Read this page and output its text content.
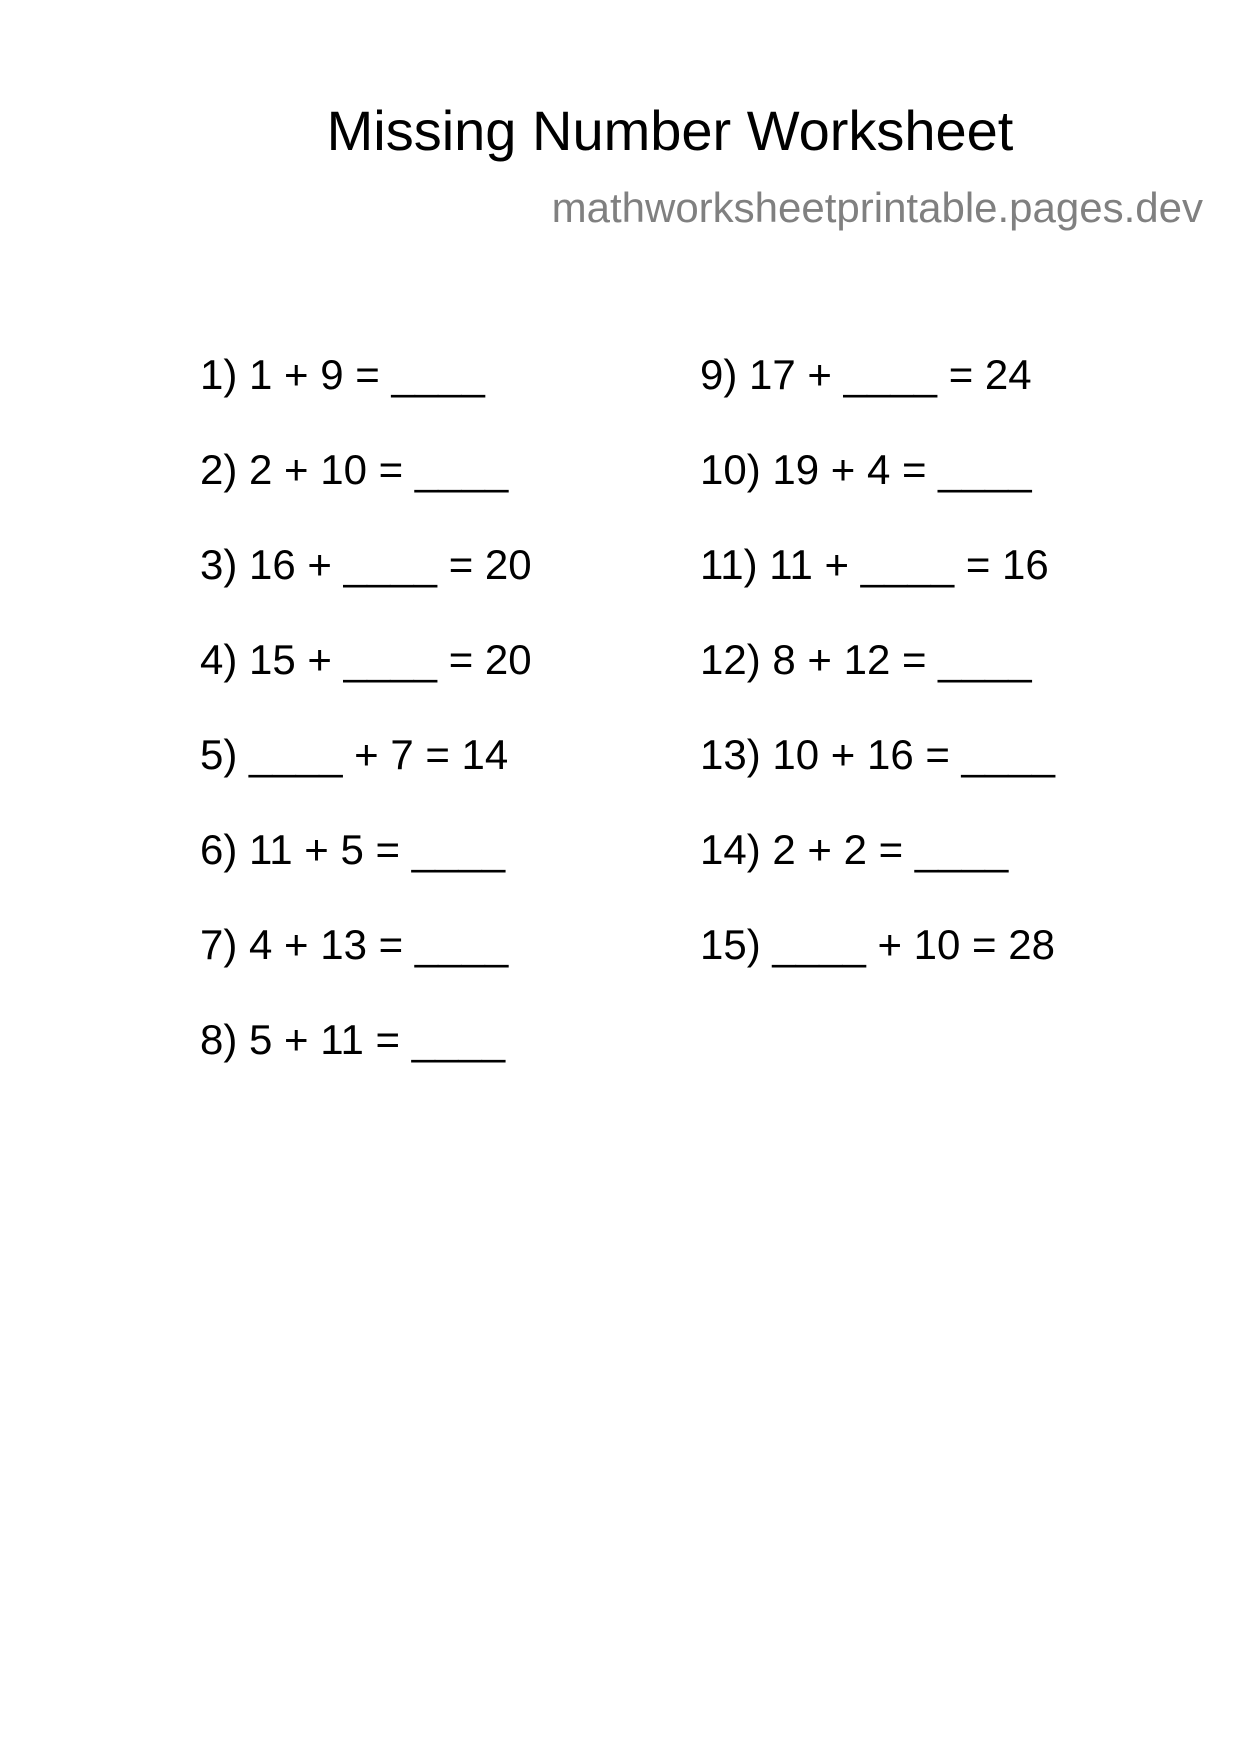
Missing Number Worksheet
mathworksheetprintable.pages.dev
1) 1 + 9 = ____
2) 2 + 10 = ____
3) 16 + ____ = 20
4) 15 + ____ = 20
5) ____ + 7 = 14
6) 11 + 5 = ____
7) 4 + 13 = ____
8) 5 + 11 = ____
9) 17 + ____ = 24
10) 19 + 4 = ____
11) 11 + ____ = 16
12) 8 + 12 = ____
13) 10 + 16 = ____
14) 2 + 2 = ____
15) ____ + 10 = 28
